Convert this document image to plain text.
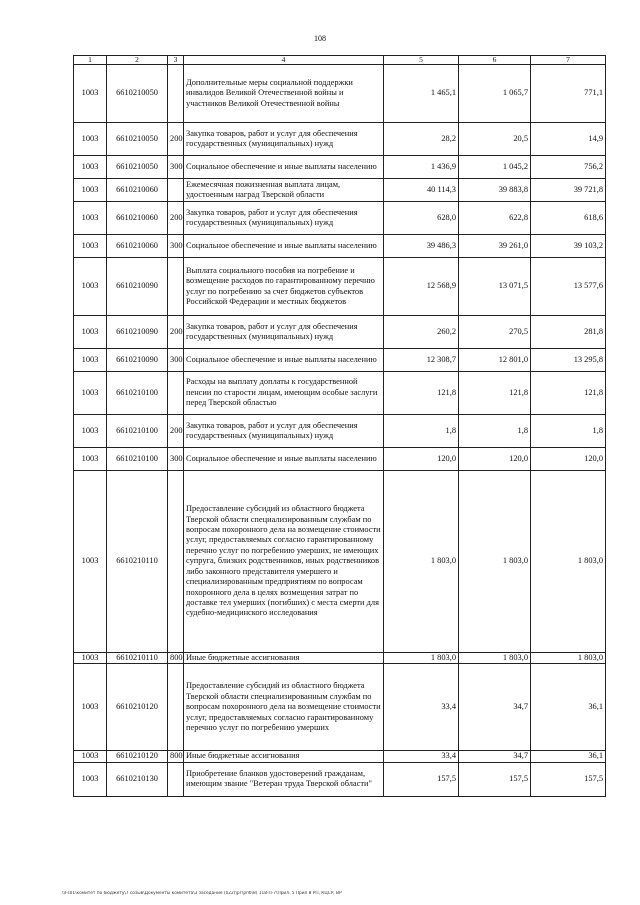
108
1	2	3	4	5	6	7
1003	6610210050		Дополнительные меры социальной поддержки инвалидов Великой Отечественной войны и участников Великой Отечественной войны	1 465,1	1 065,7	771,1
1003	6610210050	200	Закупка товаров, работ и услуг для обеспечения государственных (муниципальных) нужд	28,2	20,5	14,9
1003	6610210050	300	Социальное обеспечение и иные выплаты населению	1 436,9	1 045,2	756,2
1003	6610210060		Ежемесячная пожизненная выплата лицам, удостоенным наград Тверской области	40 114,3	39 883,8	39 721,8
1003	6610210060	200	Закупка товаров, работ и услуг для обеспечения государственных (муниципальных) нужд	628,0	622,8	618,6
1003	6610210060	300	Социальное обеспечение и иные выплаты населению	39 486,3	39 261,0	39 103,2
1003	6610210090		Выплата социального пособия на погребение и возмещение расходов по гарантированному перечню услуг по погребению за счет бюджетов субъектов Российской Федерации и местных бюджетов	12 568,9	13 071,5	13 577,6
1003	6610210090	200	Закупка товаров, работ и услуг для обеспечения государственных (муниципальных) нужд	260,2	270,5	281,8
1003	6610210090	300	Социальное обеспечение и иные выплаты населению	12 308,7	12 801,0	13 295,8
1003	6610210100		Расходы на выплату доплаты к государственной пенсии по старости лицам, имеющим особые заслуги перед Тверской областью	121,8	121,8	121,8
1003	6610210100	200	Закупка товаров, работ и услуг для обеспечения государственных (муниципальных) нужд	1,8	1,8	1,8
1003	6610210100	300	Социальное обеспечение и иные выплаты населению	120,0	120,0	120,0
1003	6610210110		Предоставление субсидий из областного бюджета Тверской области специализированным службам по вопросам похоронного дела на возмещение стоимости услуг, предоставляемых согласно гарантированному перечню услуг по погребению умерших, не имеющих супруга, близких родственников, иных родственников либо законного представителя умершего и специализированным предприятиям по вопросам похоронного дела в целях возмещения затрат по доставке тел умерших (погибших) с места смерти для судебно-медицинского исследования	1 803,0	1 803,0	1 803,0
1003	6610210110	800	Иные бюджетные ассигнования	1 803,0	1 803,0	1 803,0
1003	6610210120		Предоставление субсидий из областного бюджета Тверской области специализированным службам по вопросам похоронного дела на возмещение стоимости услуг, предоставляемых согласно гарантированному перечню услуг по погребению умерших	33,4	34,7	36,1
1003	6610210120	800	Иные бюджетные ассигнования	33,4	34,7	36,1
1003	6610210130		Приобретение бланков удостоверений гражданам, имеющим звание "Ветеран труда Тверской области"	157,5	157,5	157,5
\\Fs01\комитет по бюджету\7 созыв\Документы комитета\3 заседание (022)\рг\рпб\8) 118-П-7\Прил. 5 Прил 8 РП, КЦСР, ВР
